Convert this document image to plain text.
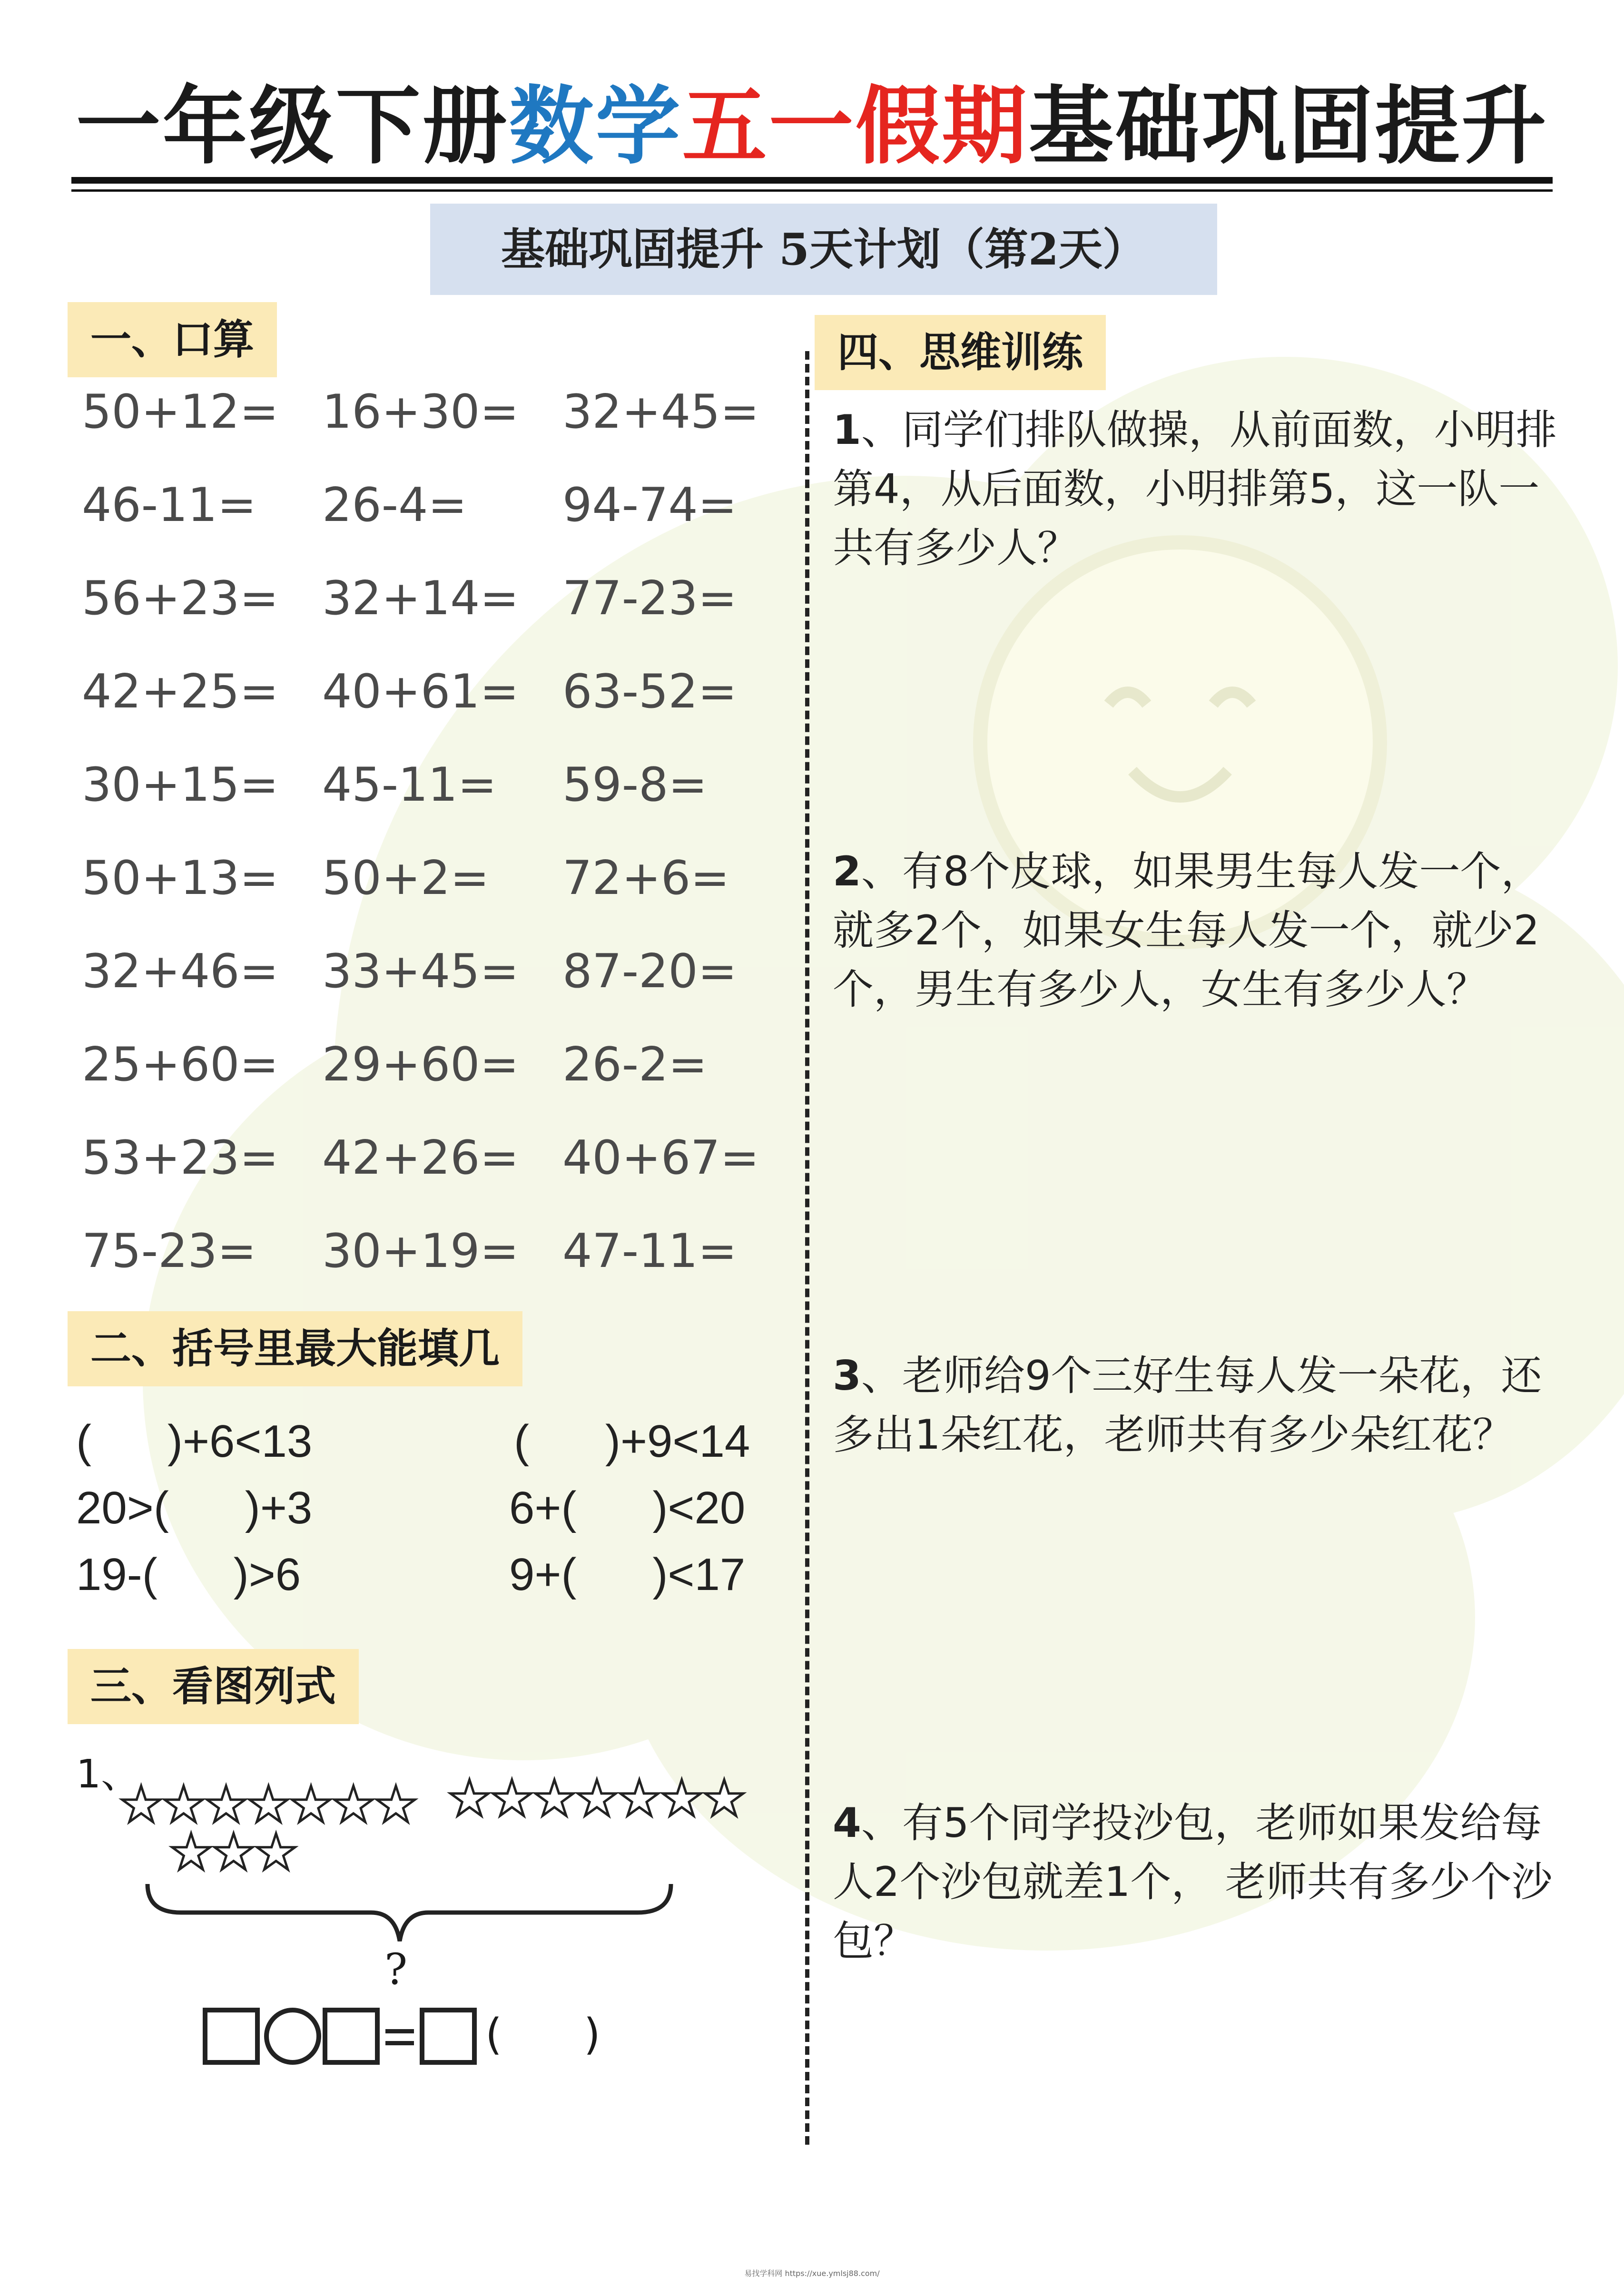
一年级下册数学五一假期基础巩固提升
基础巩固提升 5天计划（第2天）
一、口算
50+12= 16+30= 32+45=
46-11=	26-4=	94-74=
56+23= 32+14= 77-23=
42+25= 40+61= 63-52=
30+15= 45-11=	59-8=
50+13= 50+2=	72+6=
32+46= 33+45= 87-20=
25+60= 29+60= 26-2=
53+23= 42+26= 40+67=
75-23=	30+19= 47-11=
二、括号里最大能填几
(      )+6<13	(      )+9<14
20>(      )+3	6+(      )<20
19-(      )>6	9+(      )<17
三、看图列式
1、
★★★★★★★
★★★
★★★★★★★
?
(      )
四、思维训练
1、同学们排队做操，从前面数，小明排第4，从后面数，小明排第5，这一队一共有多少人？
2、有8个皮球，如果男生每人发一个，就多2个，如果女生每人发一个，就少2个，男生有多少人，女生有多少人？
3、老师给9个三好生每人发一朵花，还多出1朵红花，老师共有多少朵红花？
4、有5个同学投沙包，老师如果发给每人2个沙包就差1个， 老师共有多少个沙包？
易找学科网 https://xue.ymlsj88.com/
